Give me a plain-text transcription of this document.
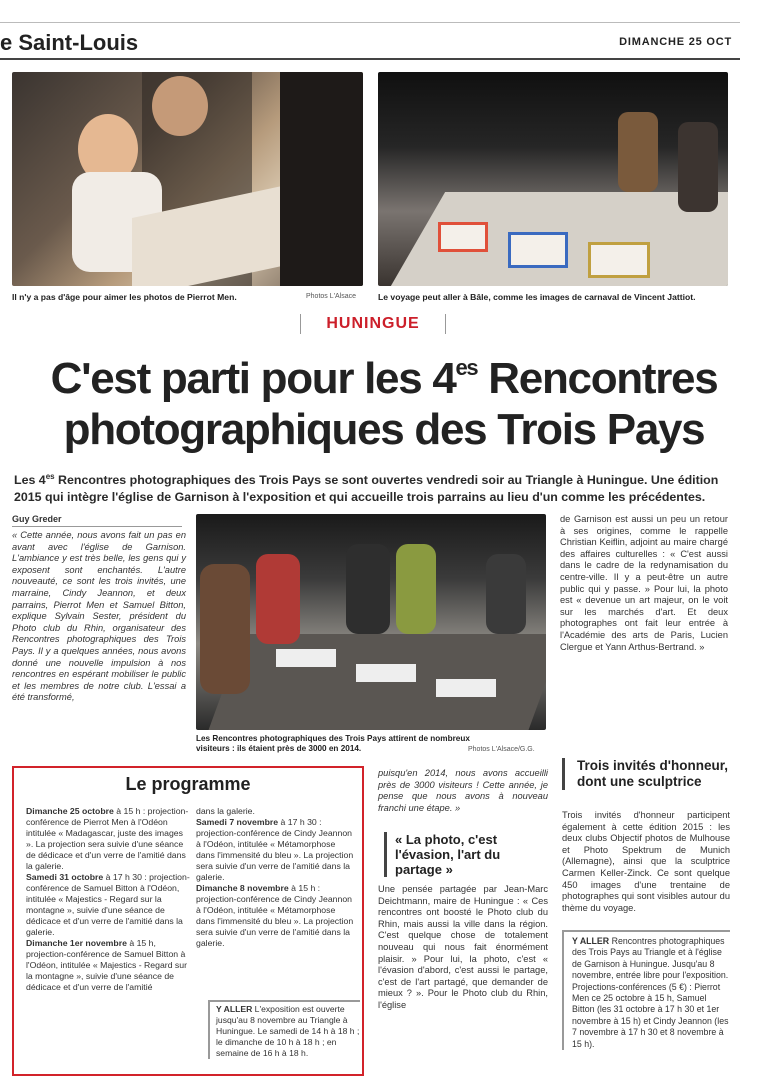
e Saint-Louis	DIMANCHE 25 OCT
Il n'y a pas d'âge pour aimer les photos de Pierrot Men.	Photos L'Alsace	Le voyage peut aller à Bâle, comme les images de carnaval de Vincent Jattiot.
HUNINGUE
C'est parti pour les $4^{es}$ Rencontres
photographiques des Trois Pays
Les $4^{es}$ Rencontres photographiques des Trois Pays se sont ouvertes vendredi soir au Triangle à Huningue. Une édition 2015 qui intègre l'église de Garnison à l'exposition et qui accueille trois parrains au lieu d'un comme les précédentes.
Guy Greder
« Cette année, nous avons fait un pas en avant avec l'église de Garnison. L'ambiance y est très belle, les gens qui y exposent sont enchantés. L'autre nouveauté, ce sont les trois invités, une marraine, Cindy Jeannon, et deux parrains, Pierrot Men et Samuel Bitton, explique Sylvain Sester, président du Photo club du Rhin, organisateur des Rencontres photographiques des Trois Pays. Il y a quelques années, nous avons donné une nouvelle impulsion à nos rencontres en espérant mobiliser le public et les membres de notre club. L'essai a été transformé,
Les Rencontres photographiques des Trois Pays attirent de nombreux visiteurs : ils étaient près de 3000 en 2014.	Photos L'Alsace/G.G.
de Garnison est aussi un peu un retour à ses origines, comme le rappelle Christian Keiflin, adjoint au maire chargé des affaires culturelles : « C'est aussi dans le cadre de la redynamisation du centre-ville. Il y a peut-être un autre public qui y passe. » Pour lui, la photo est « devenue un art majeur, on le voit sur les marchés d'art. Et deux photographes ont fait leur entrée à l'Académie des arts de Paris, Lucien Clergue et Yann Arthus-Bertrand. »
Le programme
Dimanche 25 octobre à 15 h : projection-conférence de Pierrot Men à l'Odéon intitulée « Madagascar, juste des images ». La projection sera suivie d'une séance de dédicace et d'un verre de l'amitié dans la galerie.
Samedi 31 octobre à 17 h 30 : projection-conférence de Samuel Bitton à l'Odéon, intitulée « Majestics - Regard sur la montagne », suivie d'une séance de dédicace et d'un verre de l'amitié dans la galerie.
Dimanche 1er novembre à 15 h, projection-conférence de Samuel Bitton à l'Odéon, intitulée « Majestics - Regard sur la montagne », suivie d'une séance de dédicace et d'un verre de l'amitié
dans la galerie.
Samedi 7 novembre à 17 h 30 : projection-conférence de Cindy Jeannon à l'Odéon, intitulée « Métamorphose dans l'immensité du bleu ». La projection sera suivie d'un verre de l'amitié dans la galerie.
Dimanche 8 novembre à 15 h : projection-conférence de Cindy Jeannon à l'Odéon, intitulée « Métamorphose dans l'immensité du bleu ». La projection sera suivie d'un verre de l'amitié dans la galerie.
Y ALLER L'exposition est ouverte jusqu'au 8 novembre au Triangle à Huningue. Le samedi de 14 h à 18 h ; le dimanche de 10 h à 18 h ; en semaine de 16 h à 18 h.
puisqu'en 2014, nous avons accueilli près de 3000 visiteurs ! Cette année, je pense que nous avons à nouveau franchi une étape. »
« La photo, c'est l'évasion, l'art du partage »
Une pensée partagée par Jean-Marc Deichtmann, maire de Huningue : « Ces rencontres ont boosté le Photo club du Rhin, mais aussi la ville dans la région. C'est quelque chose de totalement nouveau qui nous fait énormément plaisir. » Pour lui, la photo, c'est « l'évasion d'abord, c'est aussi le partage, c'est de l'art partagé, que demander de mieux ? ». Pour le Photo club du Rhin, l'église
Trois invités d'honneur, dont une sculptrice
Trois invités d'honneur participent également à cette édition 2015 : les deux clubs Objectif photos de Mulhouse et Photo Spektrum de Munich (Allemagne), ainsi que la sculptrice Carmen Keller-Zinck. Ce sont quelque 450 images d'une trentaine de photographes qui sont visibles autour du thème du voyage.
Y ALLER Rencontres photographiques des Trois Pays au Triangle et à l'église de Garnison à Huningue. Jusqu'au 8 novembre, entrée libre pour l'exposition. Projections-conférences (5 €) : Pierrot Men ce 25 octobre à 15 h, Samuel Bitton (les 31 octobre à 17 h 30 et 1er novembre à 15 h) et Cindy Jeannon (les 7 novembre à 17 h 30 et 8 novembre à 15 h).
